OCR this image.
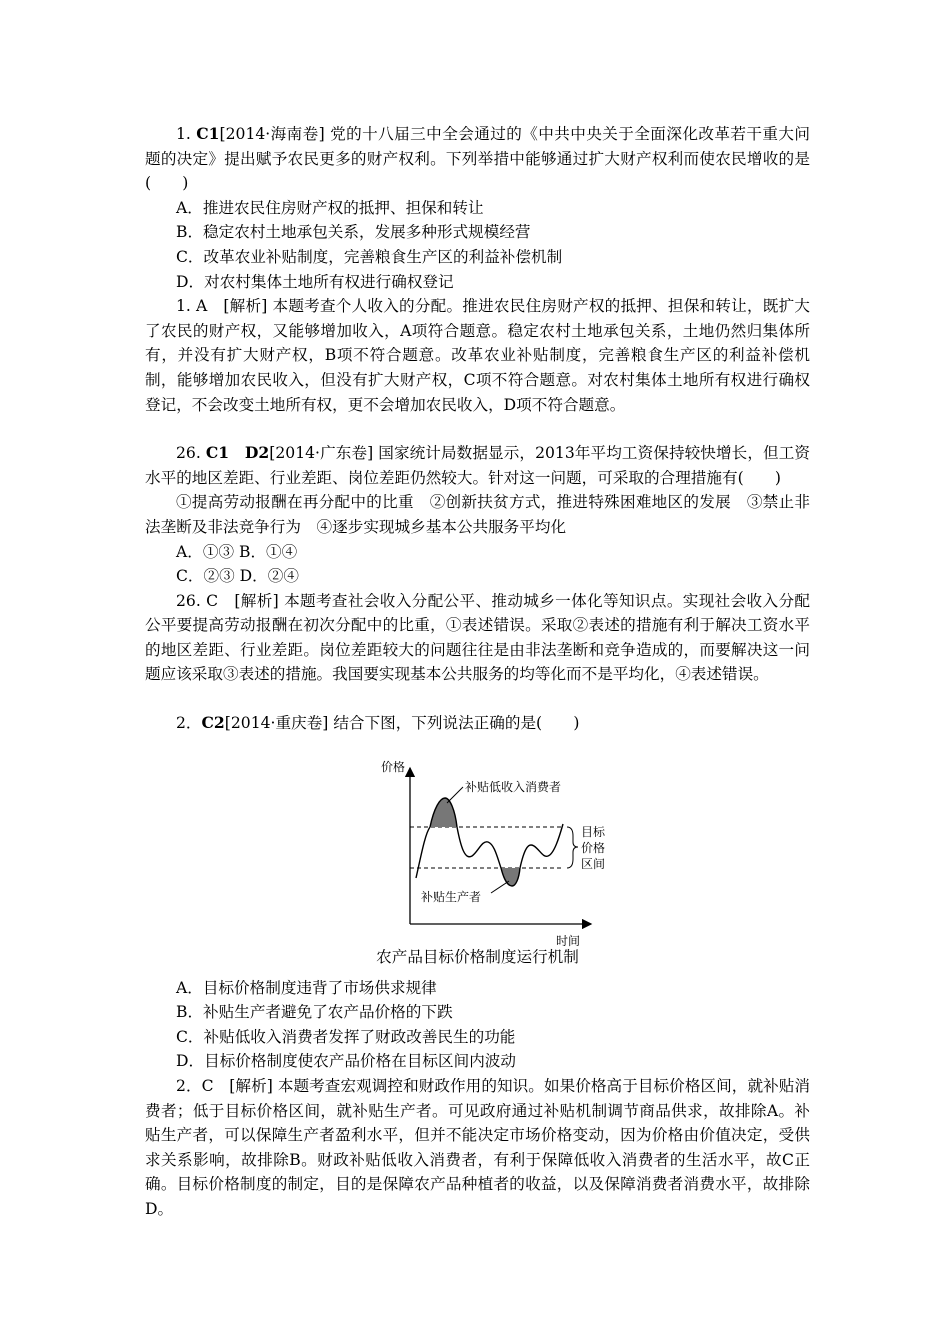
1. C1[2014·海南卷] 党的十八届三中全会通过的《中共中央关于全面深化改革若干重大问题的决定》提出赋予农民更多的财产权利。下列举措中能够通过扩大财产权利而使农民增收的是(　　)

A．推进农民住房财产权的抵押、担保和转让

B．稳定农村土地承包关系，发展多种形式规模经营

C．改革农业补贴制度，完善粮食生产区的利益补偿机制

D．对农村集体土地所有权进行确权登记

1. A　[解析] 本题考查个人收入的分配。推进农民住房财产权的抵押、担保和转让，既扩大了农民的财产权，又能够增加收入，A项符合题意。稳定农村土地承包关系，土地仍然归集体所有，并没有扩大财产权，B项不符合题意。改革农业补贴制度，完善粮食生产区的利益补偿机制，能够增加农民收入，但没有扩大财产权，C项不符合题意。对农村集体土地所有权进行确权登记，不会改变土地所有权，更不会增加农民收入，D项不符合题意。

26. C1　D2[2014·广东卷] 国家统计局数据显示，2013年平均工资保持较快增长，但工资水平的地区差距、行业差距、岗位差距仍然较大。针对这一问题，可采取的合理措施有(　　)

①提高劳动报酬在再分配中的比重　②创新扶贫方式，推进特殊困难地区的发展　③禁止非法垄断及非法竞争行为　④逐步实现城乡基本公共服务平均化

A．①③ B．①④

C．②③ D．②④

26. C　[解析] 本题考查社会收入分配公平、推动城乡一体化等知识点。实现社会收入分配公平要提高劳动报酬在初次分配中的比重，①表述错误。采取②表述的措施有利于解决工资水平的地区差距、行业差距。岗位差距较大的问题往往是由非法垄断和竞争造成的，而要解决这一问题应该采取③表述的措施。我国要实现基本公共服务的均等化而不是平均化，④表述错误。

2．C2[2014·重庆卷] 结合下图，下列说法正确的是(　　)

价格
时间
补贴低收入消费者
补贴生产者
目标
价格
区间
农产品目标价格制度运行机制

A．目标价格制度违背了市场供求规律

B．补贴生产者避免了农产品价格的下跌

C．补贴低收入消费者发挥了财政改善民生的功能

D．目标价格制度使农产品价格在目标区间内波动

2．C　[解析] 本题考查宏观调控和财政作用的知识。如果价格高于目标价格区间，就补贴消费者；低于目标价格区间，就补贴生产者。可见政府通过补贴机制调节商品供求，故排除A。补贴生产者，可以保障生产者盈利水平，但并不能决定市场价格变动，因为价格由价值决定，受供求关系影响，故排除B。财政补贴低收入消费者，有利于保障低收入消费者的生活水平，故C正确。目标价格制度的制定，目的是保障农产品种植者的收益，以及保障消费者消费水平，故排除D。
